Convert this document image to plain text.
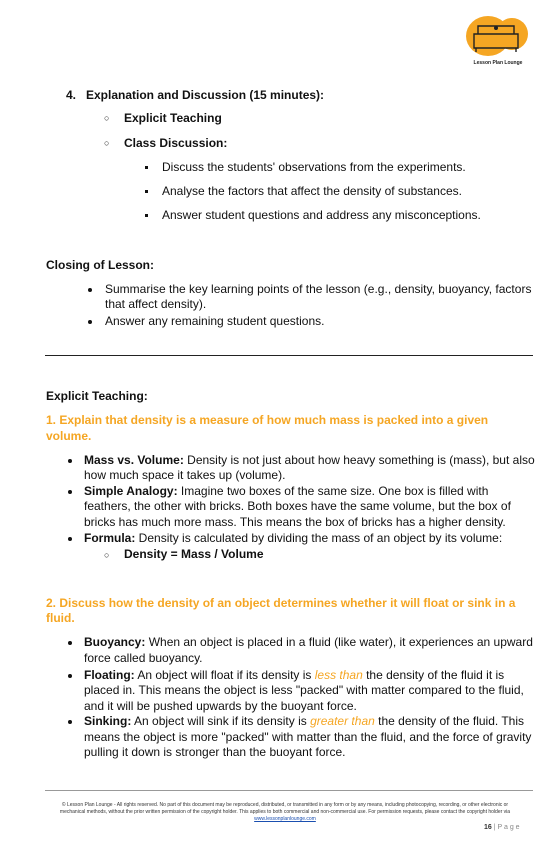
Lesson Plan Lounge
4. Explanation and Discussion (15 minutes):
○ Explicit Teaching
○ Class Discussion:
Discuss the students' observations from the experiments.
Analyse the factors that affect the density of substances.
Answer student questions and address any misconceptions.
Closing of Lesson:
Summarise the key learning points of the lesson (e.g., density, buoyancy, factors
that affect density).
Answer any remaining student questions.
Explicit Teaching:
1. Explain that density is a measure of how much mass is packed into a given
volume.
Mass vs. Volume: Density is not just about how heavy something is (mass), but also
how much space it takes up (volume).
Simple Analogy: Imagine two boxes of the same size. One box is filled with
feathers, the other with bricks. Both boxes have the same volume, but the box of
bricks has much more mass. This means the box of bricks has a higher density.
Formula: Density is calculated by dividing the mass of an object by its volume:
○ Density = Mass / Volume
2. Discuss how the density of an object determines whether it will float or sink in a
fluid.
Buoyancy: When an object is placed in a fluid (like water), it experiences an upward
force called buoyancy.
Floating: An object will float if its density is less than the density of the fluid it is
placed in. This means the object is less "packed" with matter compared to the fluid,
and it will be pushed upwards by the buoyant force.
Sinking: An object will sink if its density is greater than the density of the fluid. This
means the object is more "packed" with matter than the fluid, and the force of gravity
pulling it down is stronger than the buoyant force.
© Lesson Plan Lounge - All rights reserved. No part of this document may be reproduced, distributed, or transmitted in any form or by any means, including photocopying, recording, or other electronic or
mechanical methods, without the prior written permission of the copyright holder. This applies to both commercial and non-commercial use. For permission requests, please contact the copyright holder via
www.lessonplanlounge.com
16 | P a g e
